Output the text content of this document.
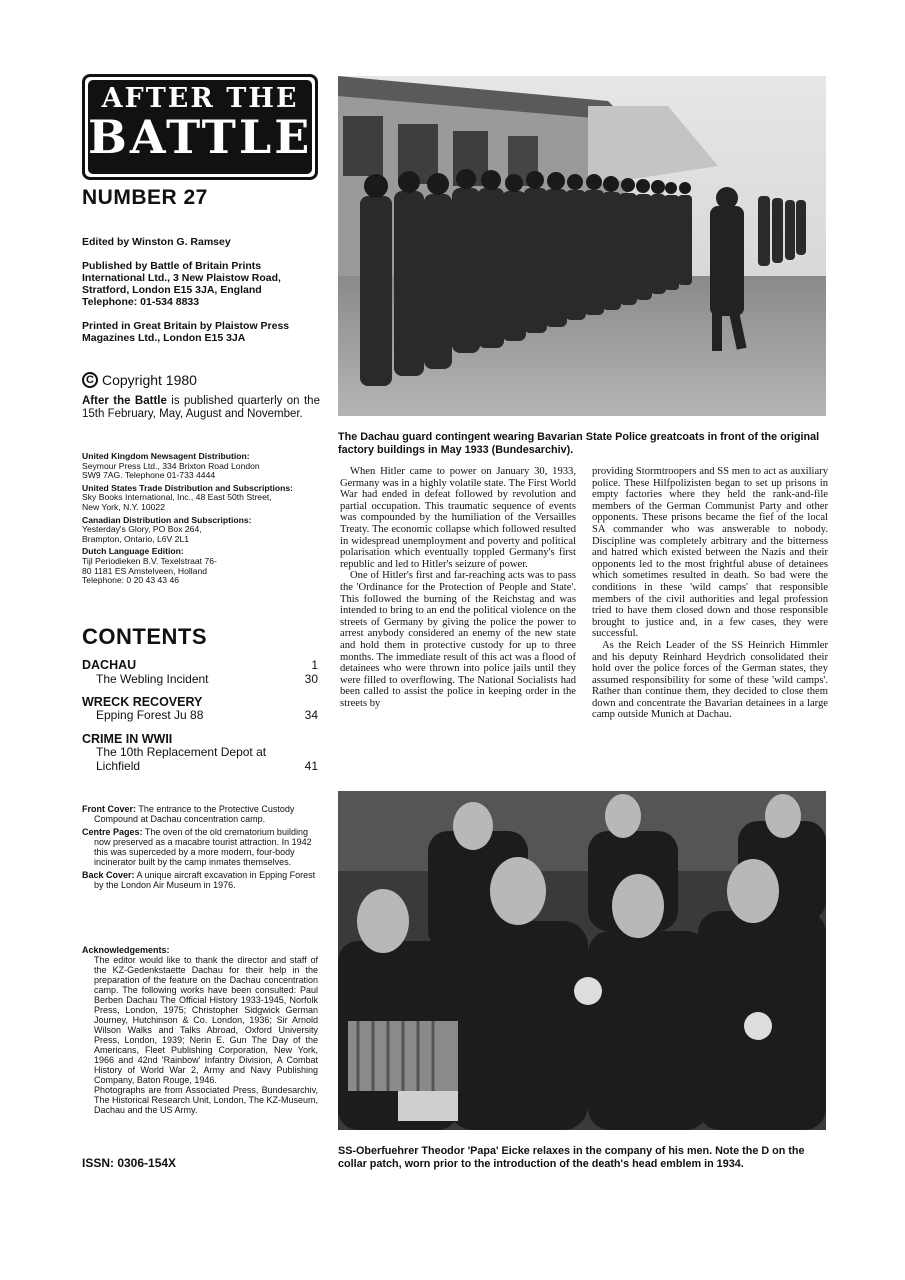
AFTER THE
BATTLE
NUMBER 27
Edited by Winston G. Ramsey
Published by Battle of Britain Prints International Ltd., 3 New Plaistow Road, Stratford, London E15 3JA, England Telephone: 01-534 8833
Printed in Great Britain by Plaistow Press Magazines Ltd., London E15 3JA
C Copyright 1980
After the Battle is published quarterly on the 15th February, May, August and November.
United Kingdom Newsagent Distribution:
Seymour Press Ltd., 334 Brixton Road London SW9 7AG. Telephone 01-733 4444
United States Trade Distribution and Subscriptions:
Sky Books International, Inc., 48 East 50th Street, New York, N.Y. 10022
Canadian Distribution and Subscriptions:
Yesterday's Glory, PO Box 264, Brampton, Ontario, L6V 2L1
Dutch Language Edition:
Tijl Periodieken B.V. Texelstraat 76-80 1181 ES Amstelveen, Holland Telephone: 0 20 43 43 46
CONTENTS
DACHAU	1
The Webling Incident	30
WRECK RECOVERY
Epping Forest Ju 88	34
CRIME IN WWII
The 10th Replacement Depot at Lichfield	41
Front Cover: The entrance to the Protective Custody Compound at Dachau concentration camp.
Centre Pages: The oven of the old crematorium building now preserved as a macabre tourist attraction. In 1942 this was superceded by a more modern, four-body incinerator built by the camp inmates themselves.
Back Cover: A unique aircraft excavation in Epping Forest by the London Air Museum in 1976.
Acknowledgements:
The editor would like to thank the director and staff of the KZ-Gedenkstaette Dachau for their help in the preparation of the feature on the Dachau concentration camp. The following works have been consulted: Paul Berben Dachau The Official History 1933-1945, Norfolk Press, London, 1975; Christopher Sidgwick German Journey, Hutchinson & Co. London, 1936; Sir Arnold Wilson Walks and Talks Abroad, Oxford University Press, London, 1939; Nerin E. Gun The Day of the Americans, Fleet Publishing Corporation, New York, 1966 and 42nd 'Rainbow' Infantry Division, A Combat History of World War 2, Army and Navy Publishing Company, Baton Rouge, 1946.
Photographs are from Associated Press, Bundesarchiv, The Historical Research Unit, London, The KZ-Museum, Dachau and the US Army.
ISSN: 0306-154X
The Dachau guard contingent wearing Bavarian State Police greatcoats in front of the original factory buildings in May 1933 (Bundesarchiv).

When Hitler came to power on January 30, 1933, Germany was in a highly volatile state. The First World War had ended in defeat followed by revolution and partial occupation. This traumatic sequence of events was compounded by the humiliation of the Versailles Treaty. The economic collapse which followed resulted in widespread unemployment and poverty and political polarisation which eventually toppled Germany's first republic and led to Hitler's seizure of power.

One of Hitler's first and far-reaching acts was to pass the 'Ordinance for the Protection of People and State'. This followed the burning of the Reichstag and was intended to bring to an end the political violence on the streets of Germany by giving the police the power to arrest anybody considered an enemy of the new state and hold them in protective custody for up to three months. The immediate result of this act was a flood of detainees who were thrown into police jails until they were filled to overflowing. The National Socialists had been called to assist the police in keeping order in the streets by

providing Stormtroopers and SS men to act as auxiliary police. These Hilfpolizisten began to set up prisons in empty factories where they held the rank-and-file members of the German Communist Party and other opponents. These prisons became the fief of the local SA commander who was answerable to nobody. Discipline was completely arbitrary and the bitterness and hatred which existed between the Nazis and their opponents led to the most frightful abuse of detainees which sometimes resulted in death. So bad were the conditions in these 'wild camps' that responsible members of the civil authorities and legal profession tried to have them closed down and those responsible brought to justice and, in a few cases, they were successful.

As the Reich Leader of the SS Heinrich Himmler and his deputy Reinhard Heydrich consolidated their hold over the police forces of the German states, they assumed responsibility for some of these 'wild camps'. Rather than continue them, they decided to close them down and concentrate the Bavarian detainees in a large camp outside Munich at Dachau.

SS-Oberfuehrer Theodor 'Papa' Eicke relaxes in the company of his men. Note the D on the collar patch, worn prior to the introduction of the death's head emblem in 1934.
